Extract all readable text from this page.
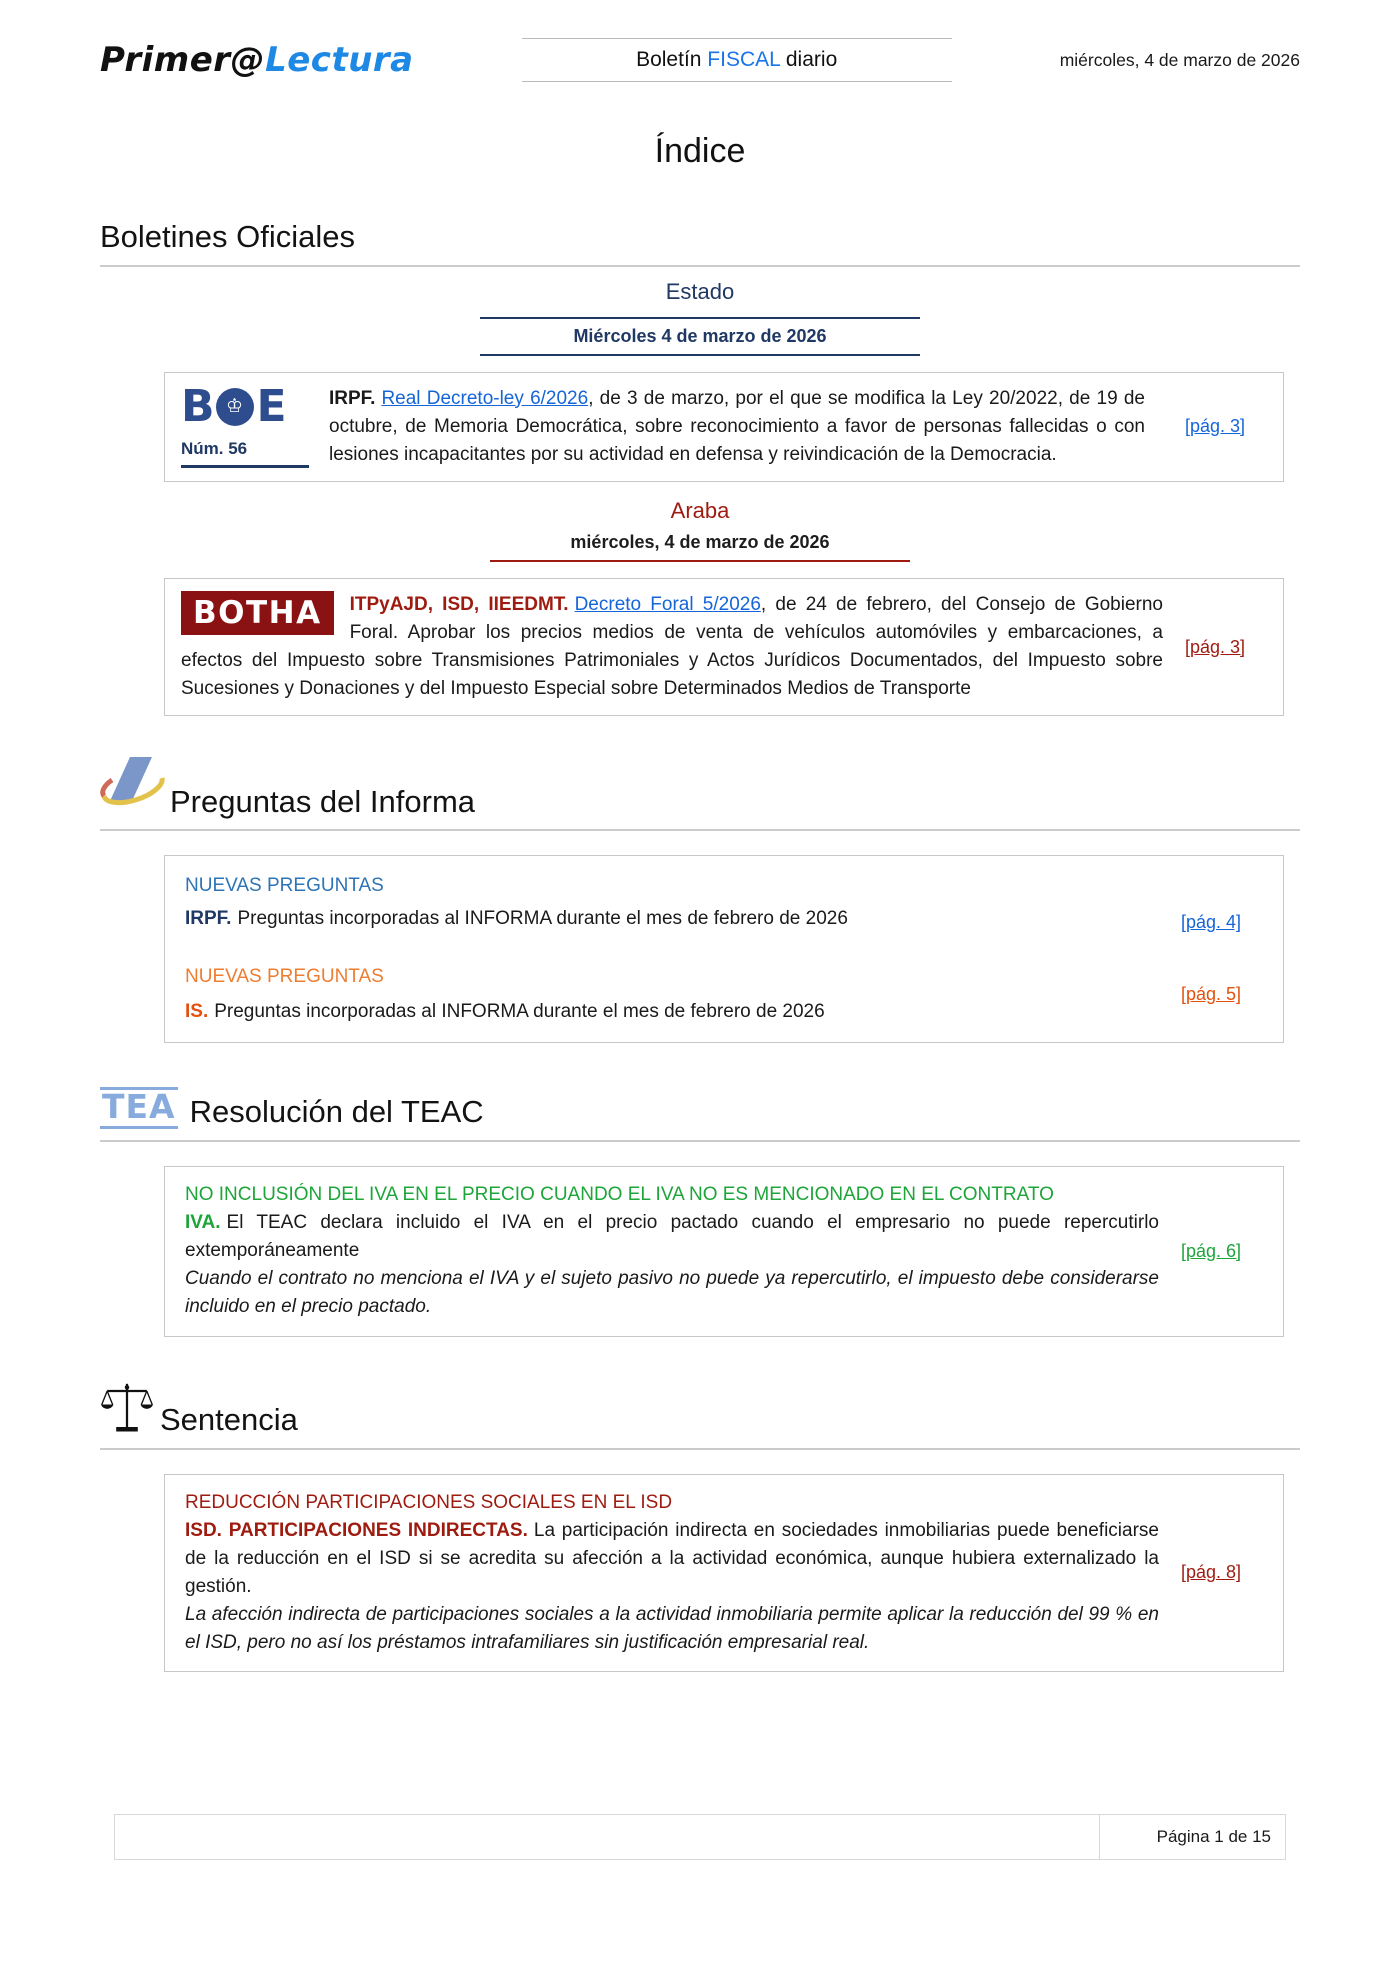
Primer@Lectura	Boletín FISCAL diario	miércoles, 4 de marzo de 2026
Índice
Boletines Oficiales
Estado
Miércoles 4 de marzo de 2026
B ♔ E
Núm. 56
IRPF. Real Decreto-ley 6/2026, de 3 de marzo, por el que se modifica la Ley 20/2022, de 19 de octubre, de Memoria Democrática, sobre reconocimiento a favor de personas fallecidas o con lesiones incapacitantes por su actividad en defensa y reivindicación de la Democracia.
[pág. 3]
Araba
miércoles, 4 de marzo de 2026
BOTHA	ITPyAJD, ISD, IIEEDMT. Decreto Foral 5/2026, de 24 de febrero, del Consejo de Gobierno Foral. Aprobar los precios medios de venta de vehículos automóviles y embarcaciones, a efectos del Impuesto sobre Transmisiones Patrimoniales y Actos Jurídicos Documentados, del Impuesto sobre Sucesiones y Donaciones y del Impuesto Especial sobre Determinados Medios de Transporte
[pág. 3]
Preguntas del Informa
NUEVAS PREGUNTAS
IRPF. Preguntas incorporadas al INFORMA durante el mes de febrero de 2026	[pág. 4]
NUEVAS PREGUNTAS
IS. Preguntas incorporadas al INFORMA durante el mes de febrero de 2026
[pág. 5]
TEA Resolución del TEAC
NO INCLUSIÓN DEL IVA EN EL PRECIO CUANDO EL IVA NO ES MENCIONADO EN EL CONTRATO
IVA. El TEAC declara incluido el IVA en el precio pactado cuando el empresario no puede repercutirlo extemporáneamente
Cuando el contrato no menciona el IVA y el sujeto pasivo no puede ya repercutirlo, el impuesto debe considerarse incluido en el precio pactado.
[pág. 6]
Sentencia
REDUCCIÓN PARTICIPACIONES SOCIALES EN EL ISD
ISD. PARTICIPACIONES INDIRECTAS. La participación indirecta en sociedades inmobiliarias puede beneficiarse de la reducción en el ISD si se acredita su afección a la actividad económica, aunque hubiera externalizado la gestión.
La afección indirecta de participaciones sociales a la actividad inmobiliaria permite aplicar la reducción del 99 % en el ISD, pero no así los préstamos intrafamiliares sin justificación empresarial real.
[pág. 8]
Página 1 de 15
